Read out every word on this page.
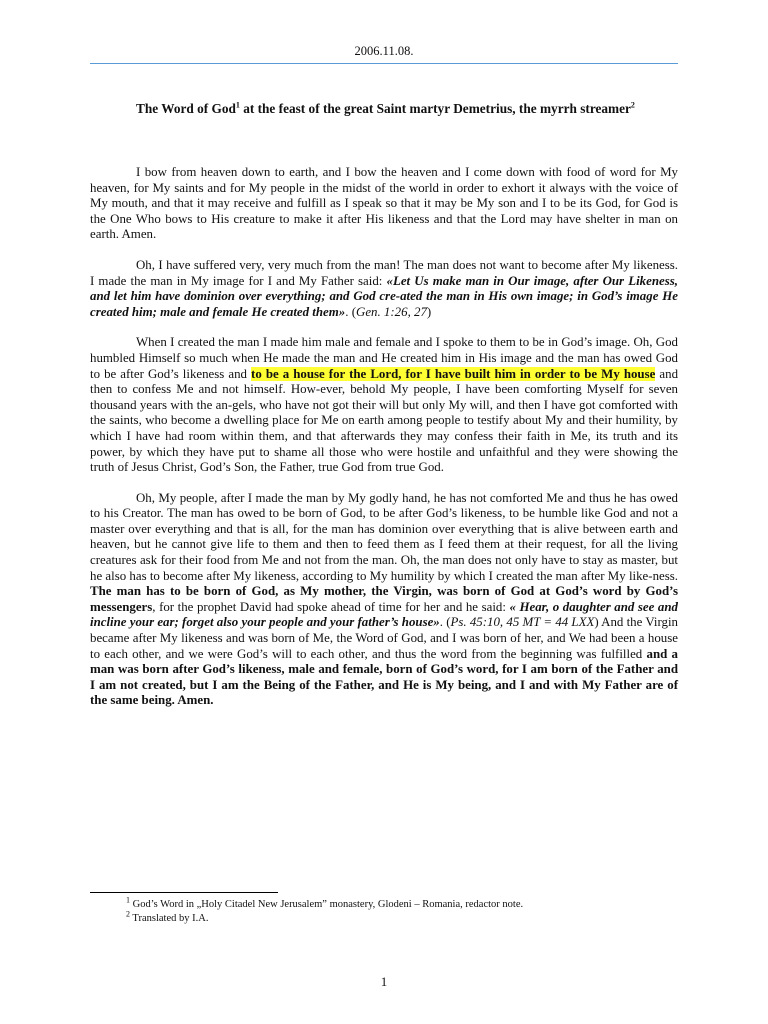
2006.11.08.
The Word of God$^1$ at the feast of the great Saint martyr Demetrius, the myrrh streamer$^2$

I bow from heaven down to earth, and I bow the heaven and I come down with food of word for My heaven, for My saints and for My people in the midst of the world in order to exhort it always with the voice of My mouth, and that it may receive and fulfill as I speak so that it may be My son and I to be its God, for God is the One Who bows to His creature to make it after His likeness and that the Lord may have shelter in man on earth. Amen.

Oh, I have suffered very, very much from the man! The man does not want to become after My likeness. I made the man in My image for I and My Father said: «Let Us make man in Our image, after Our Likeness, and let him have dominion over everything; and God cre-ated the man in His own image; in God’s image He created him; male and female He created them». (Gen. 1:26, 27)

When I created the man I made him male and female and I spoke to them to be in God’s image. Oh, God humbled Himself so much when He made the man and He created him in His image and the man has owed God to be after God’s likeness and to be a house for the Lord, for I have built him in order to be My house and then to confess Me and not himself. How-ever, behold My people, I have been comforting Myself for seven thousand years with the an-gels, who have not got their will but only My will, and then I have got comforted with the saints, who become a dwelling place for Me on earth among people to testify about My and their humility, by which I have had room within them, and that afterwards they may confess their faith in Me, its truth and its power, by which they have put to shame all those who were hostile and unfaithful and they were showing the truth of Jesus Christ, God’s Son, the Father, true God from true God.

Oh, My people, after I made the man by My godly hand, he has not comforted Me and thus he has owed to his Creator. The man has owed to be born of God, to be after God’s likeness, to be humble like God and not a master over everything and that is all, for the man has dominion over everything that is alive between earth and heaven, but he cannot give life to them and then to feed them as I feed them at their request, for all the living creatures ask for their food from Me and not from the man. Oh, the man does not only have to stay as master, but he also has to become after My likeness, according to My humility by which I created the man after My like-ness. The man has to be born of God, as My mother, the Virgin, was born of God at God’s word by God’s messengers, for the prophet David had spoke ahead of time for her and he said: « Hear, o daughter and see and incline your ear; forget also your people and your father’s house». (Ps. 45:10, 45 MT = 44 LXX) And the Virgin became after My likeness and was born of Me, the Word of God, and I was born of her, and We had been a house to each other, and we were God’s will to each other, and thus the word from the beginning was fulfilled and a man was born after God’s likeness, male and female, born of God’s word, for I am born of the Father and I am not created, but I am the Being of the Father, and He is My being, and I and with My Father are of the same being. Amen.

$^1$ God’s Word in „Holy Citadel New Jerusalem” monastery, Glodeni – Romania, redactor note.
$^2$ Translated by I.A.
1
